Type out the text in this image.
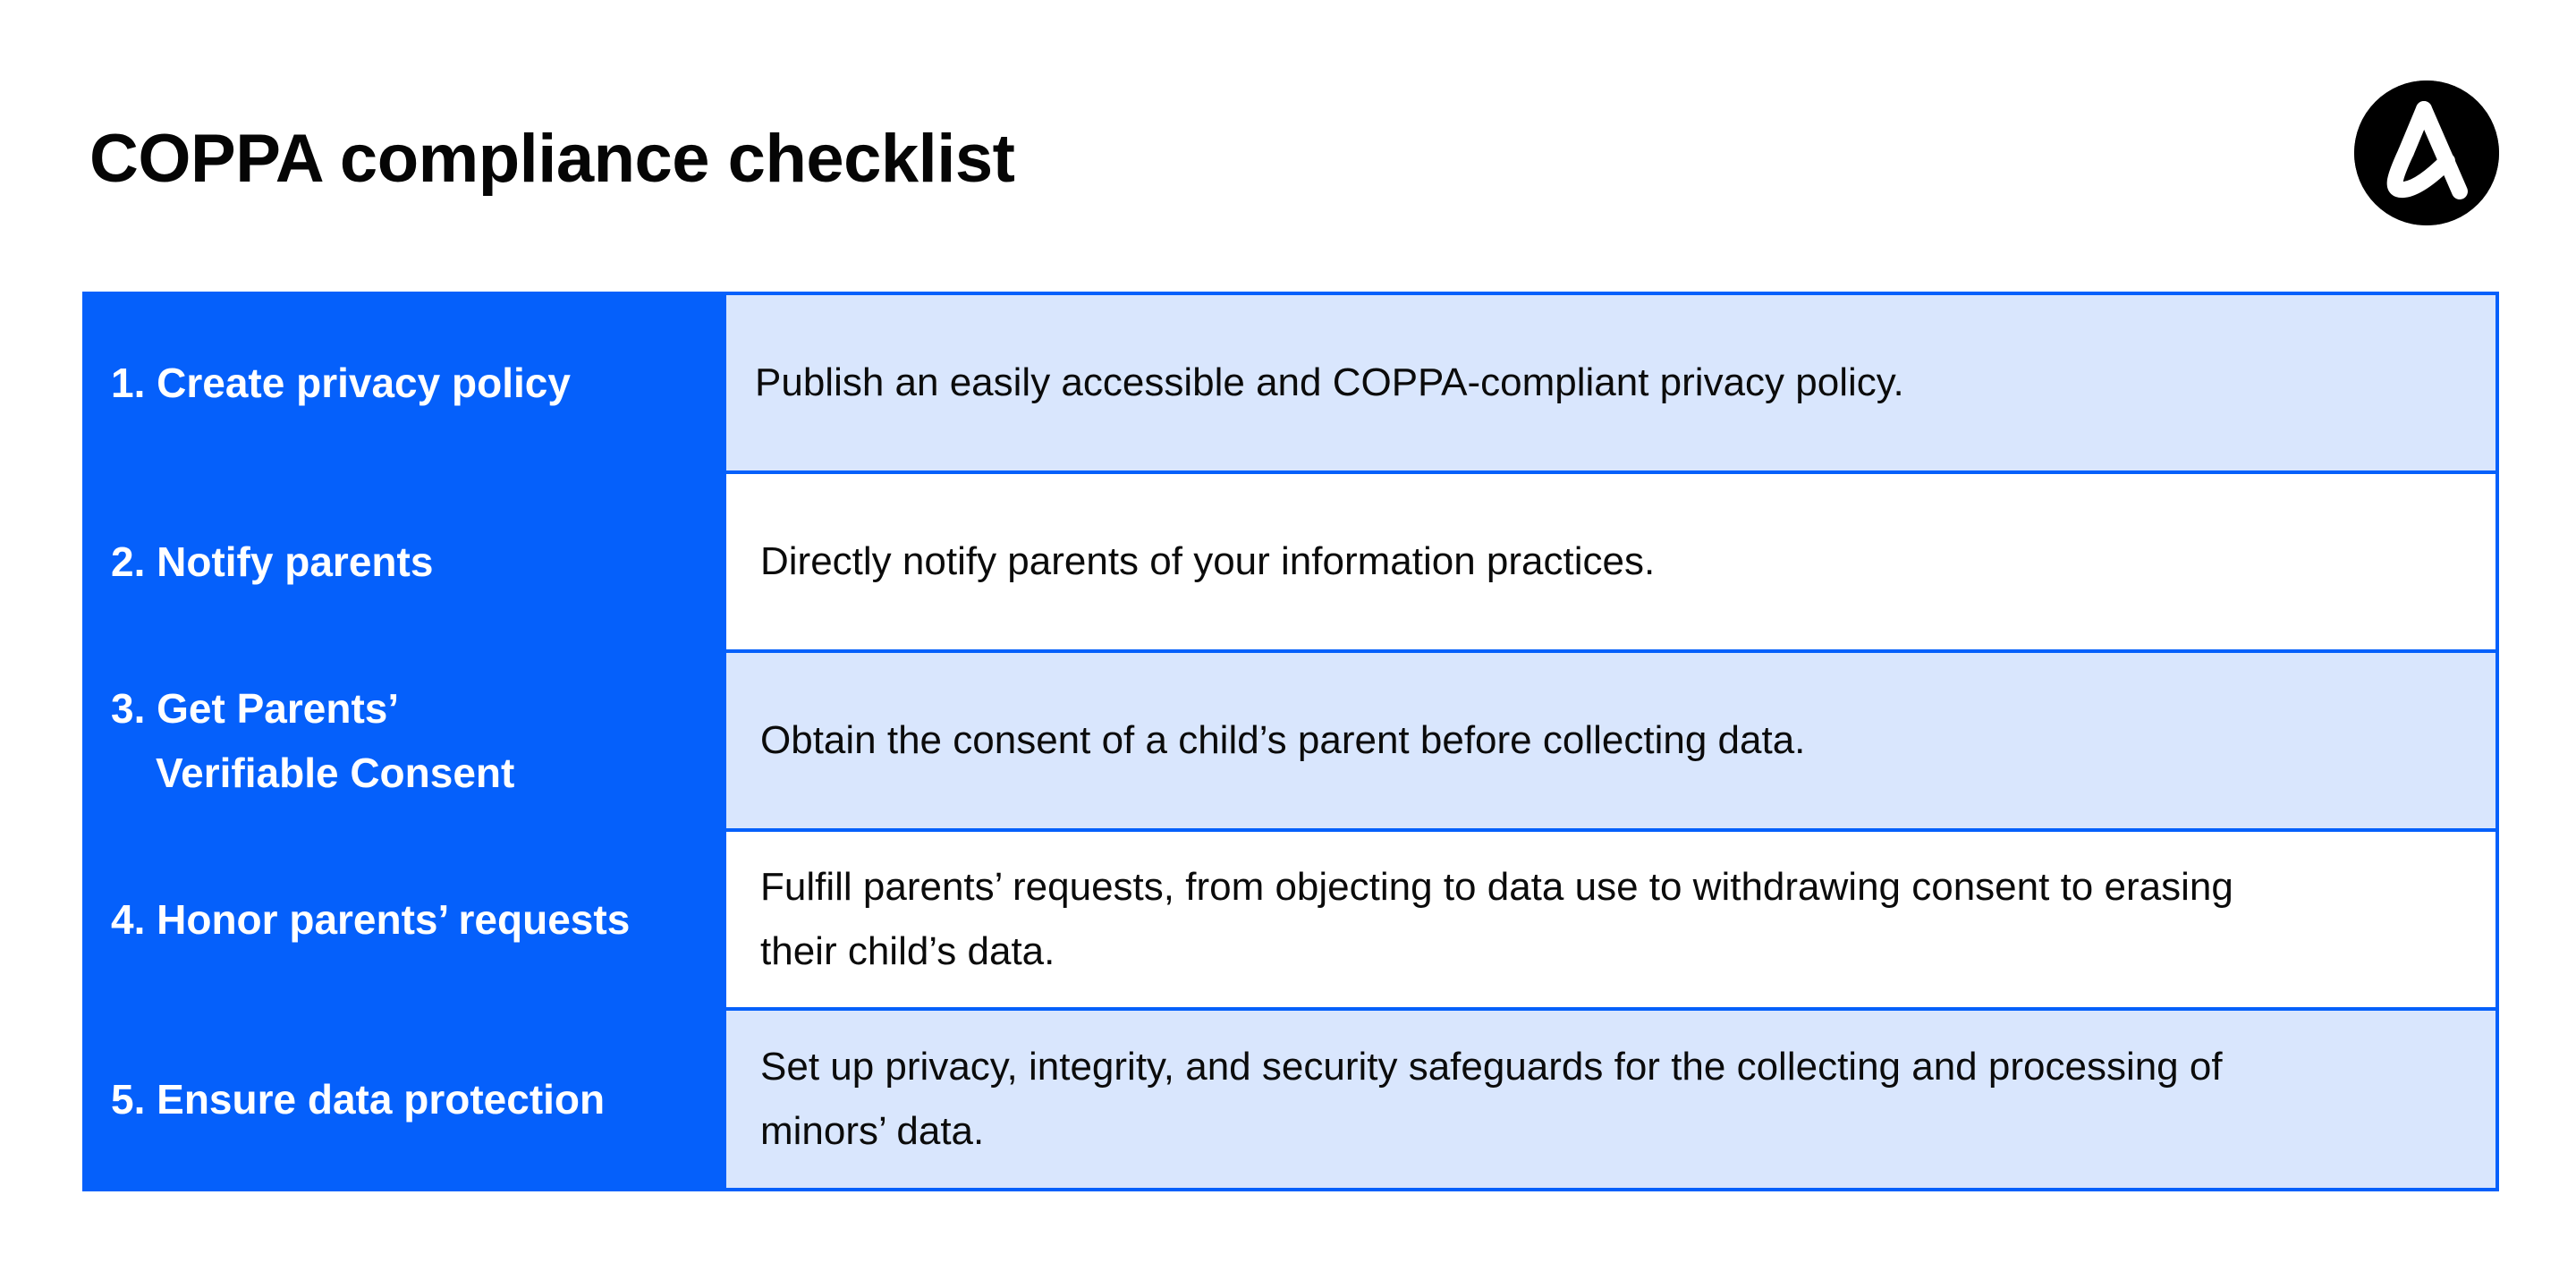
COPPA compliance checklist
1. Create privacy policy	Publish an easily accessible and COPPA-compliant privacy policy.
2. Notify parents	Directly notify parents of your information practices.
3. Get Parents’
Verifiable Consent
Obtain the consent of a child’s parent before collecting data.
4. Honor parents’ requests
Fulfill parents’ requests, from objecting to data use to withdrawing consent to erasing their child’s data.
5. Ensure data protection
Set up privacy, integrity, and security safeguards for the collecting and processing of minors’ data.
